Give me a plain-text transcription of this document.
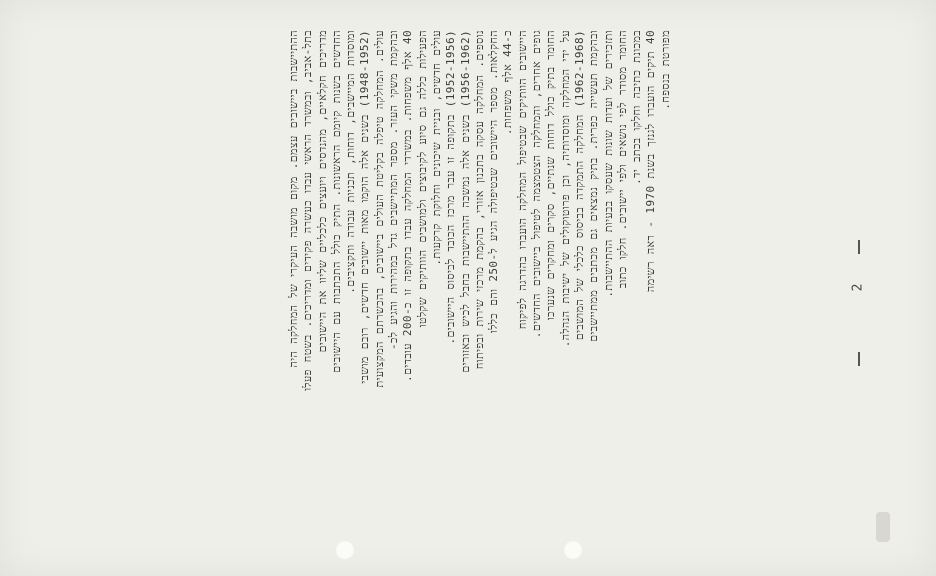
2
ההתיישבות ביישובים עצמם. מקום מושבה העיקרי של המחלקה היה בתל-אביב, ובמשרד הראשי עבדו כעשרה פקידים ומדריכים. בשטח פעלו מדריכים חקלאיים, מהנדסים ויועצים כלכליים שליוו את היישובים החדשים בשנות קיומם הראשונות. התיק כולל התכתבות עם היישובים ומוסדות המיישבים, דוחות, תכניות עבודה ותקציבים. (1948-1952) בשנים אלה הוקמו מאות יישובים חדשים, רובם מושבי עולים. המחלקה טיפלה בקליטת העולים ביישובים, בהכשרתם המקצועית ובהקמת משקי העזר. מספר המתיישבים גדל במהירות והגיע לכ-
40 אלף משפחות. במשרדי המחלקה עבדו בתקופה זו כ-200 עובדים. הפעילות כללה גם סיוע לקיבוצים ולמושבים הוותיקים שקלטו עולים חדשים, ובניית שיכונים וחלוקת קרקעות. (1952-1956) בתקופה זו עבר מרכז הכובד לביסוס היישובים.
(1956-1962) בשנים אלה נמשכה ההתיישבות בחבל לכיש ובאזורים נוספים. המחלקה עסקה בתכנון אזורי, בהקמת מרכזי שירות ובפיתוח החקלאות. מספר היישובים שבטיפולה הגיע ל-250 והם כללו כ-44 אלף משפחות. היישובים הוותיקים שבטיפול המחלקה הועברו בהדרגה לפיקוח גופים אחרים, והמחלקה הצטמצמה לטיפול ביישובים החדשים. החומר בתיק כולל דוחות שנתיים, סקרים ומחקרים שנערכו על ידי המחלקה ומוסדותיה, וכן פרוטוקולים של ישיבות הנהלה. (1962-1968) המחלקה התמקדה בביסוס כלכלי של המושבים ובהקמת תעשייה כפרית. בתיק נמצאים גם מכתבים ממתיישבים ותזכירים של ועדות שונות שעסקו בבעיות ההתיישבות. החומר מסודר לפי נושאים ולפי יישובים. חלקו כתוב במכונת כתיבה וחלקו בכתב יד.
40 תיקים הועברו לגנזך בשנת 1970 - ראה רשימה מפורטת בנספח.
